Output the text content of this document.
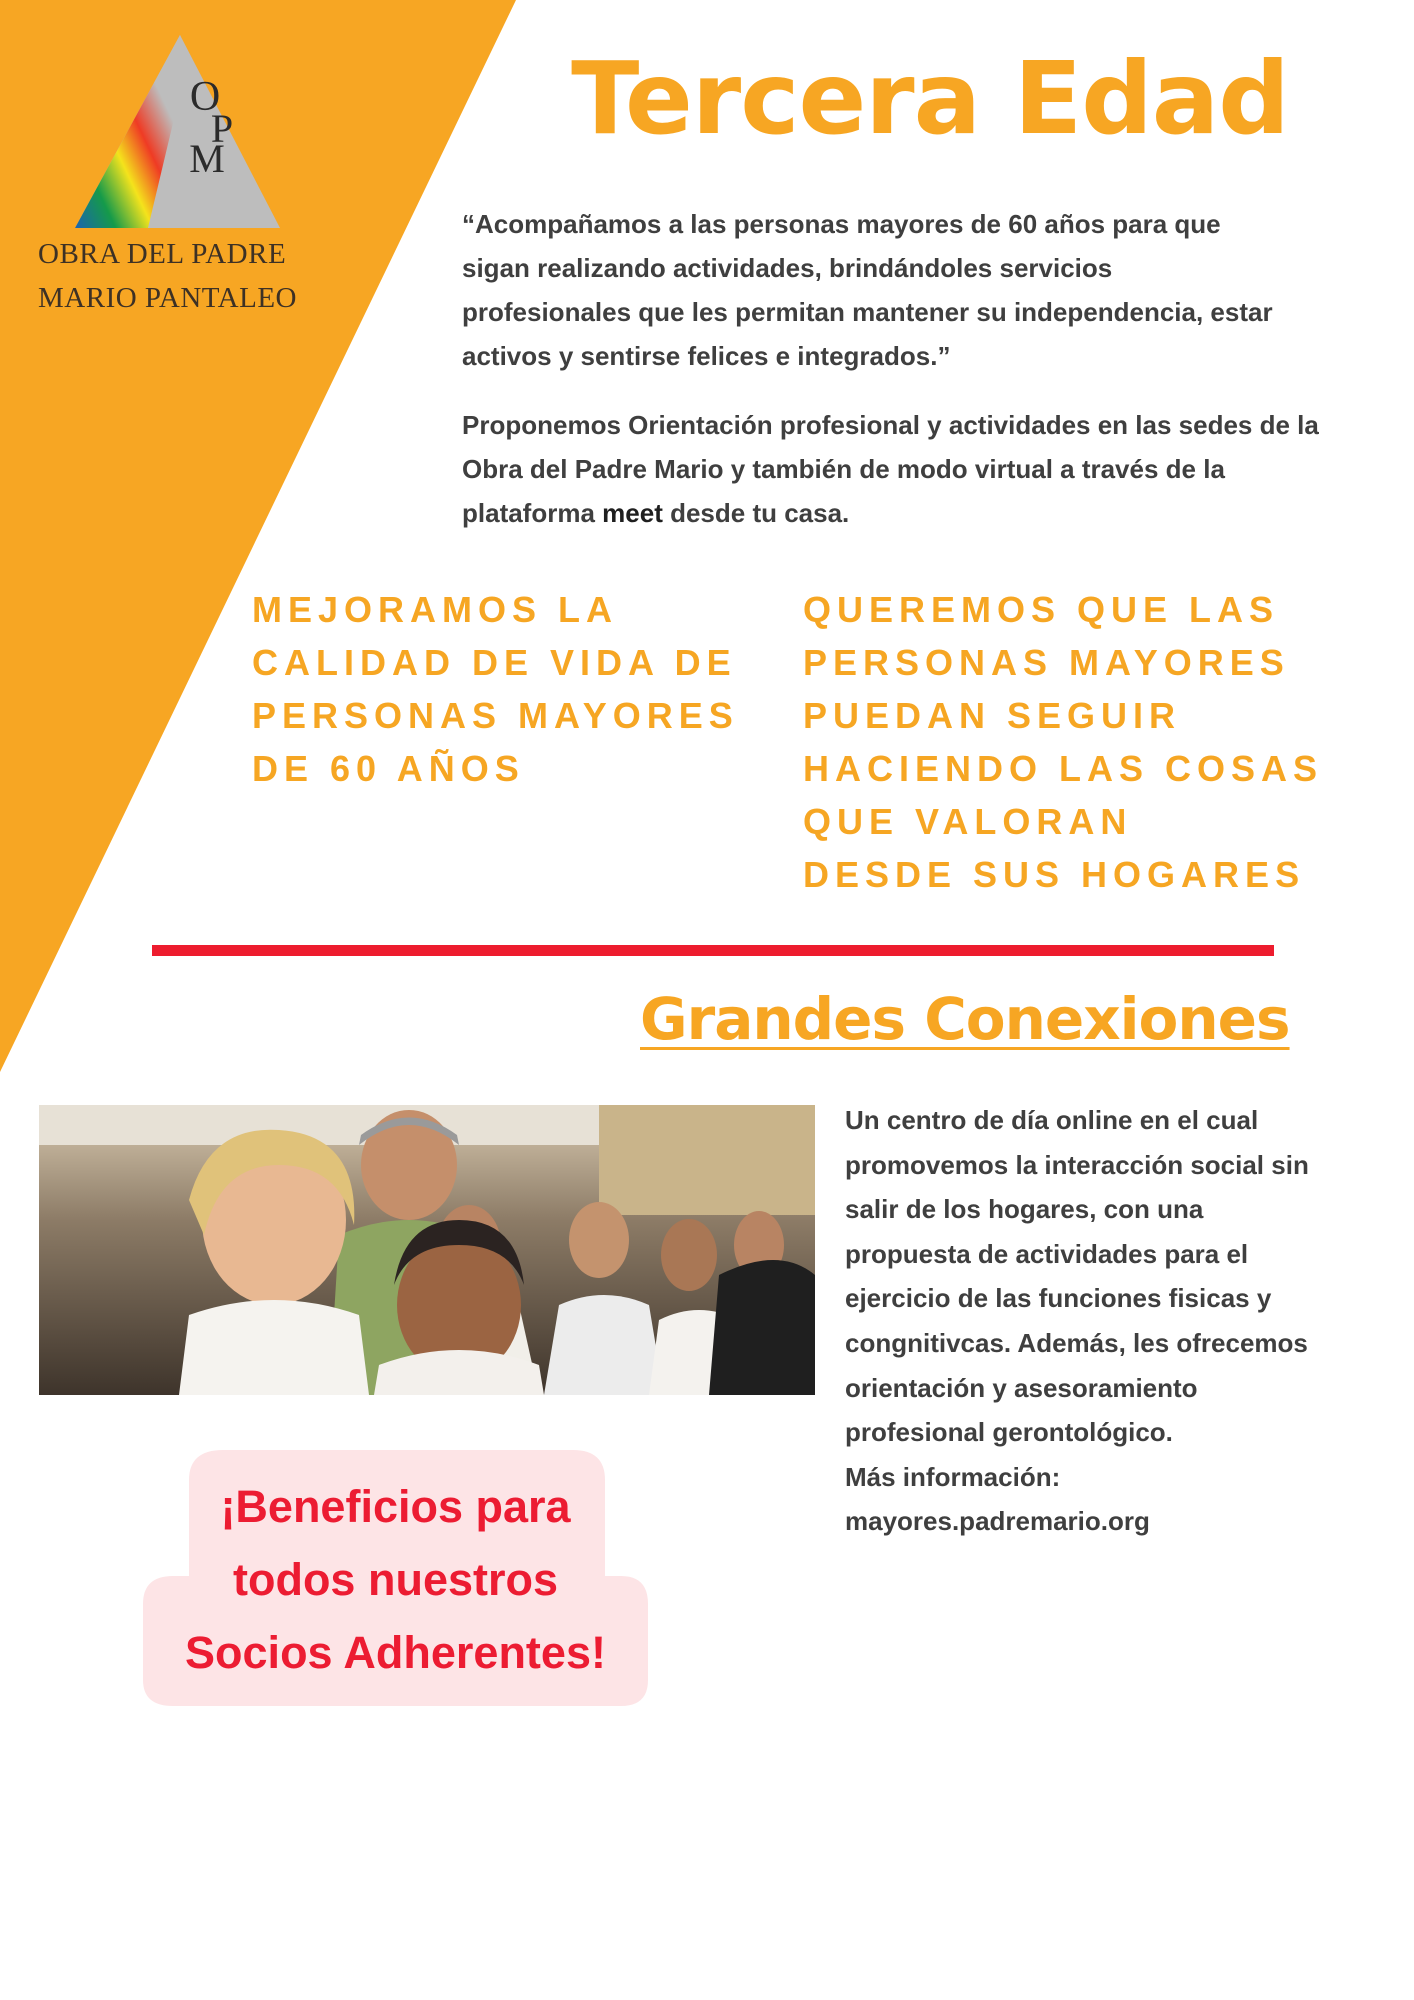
O
P
M
OBRA DEL PADRE
MARIO PANTALEO
Tercera Edad
“Acompañamos a las personas mayores de 60 años para que sigan realizando actividades, brindándoles servicios profesionales que les permitan mantener su independencia, estar activos y sentirse felices e integrados.”
Proponemos Orientación profesional y actividades en las sedes de la Obra del Padre Mario y también de modo virtual a través de la plataforma meet desde tu casa.
MEJORAMOS LA
CALIDAD DE VIDA DE
PERSONAS MAYORES
DE 60 AÑOS
QUEREMOS QUE LAS
PERSONAS MAYORES
PUEDAN SEGUIR
HACIENDO LAS COSAS
QUE VALORAN
DESDE SUS HOGARES
Grandes Conexiones
Un centro de día online en el cual promovemos la interacción social sin salir de los hogares, con una propuesta de actividades para el ejercicio de las funciones fisicas y congnitivcas. Además, les ofrecemos orientación y asesoramiento profesional gerontológico.
Más información:
mayores.padremario.org
¡Beneficios para
todos nuestros
Socios Adherentes!
